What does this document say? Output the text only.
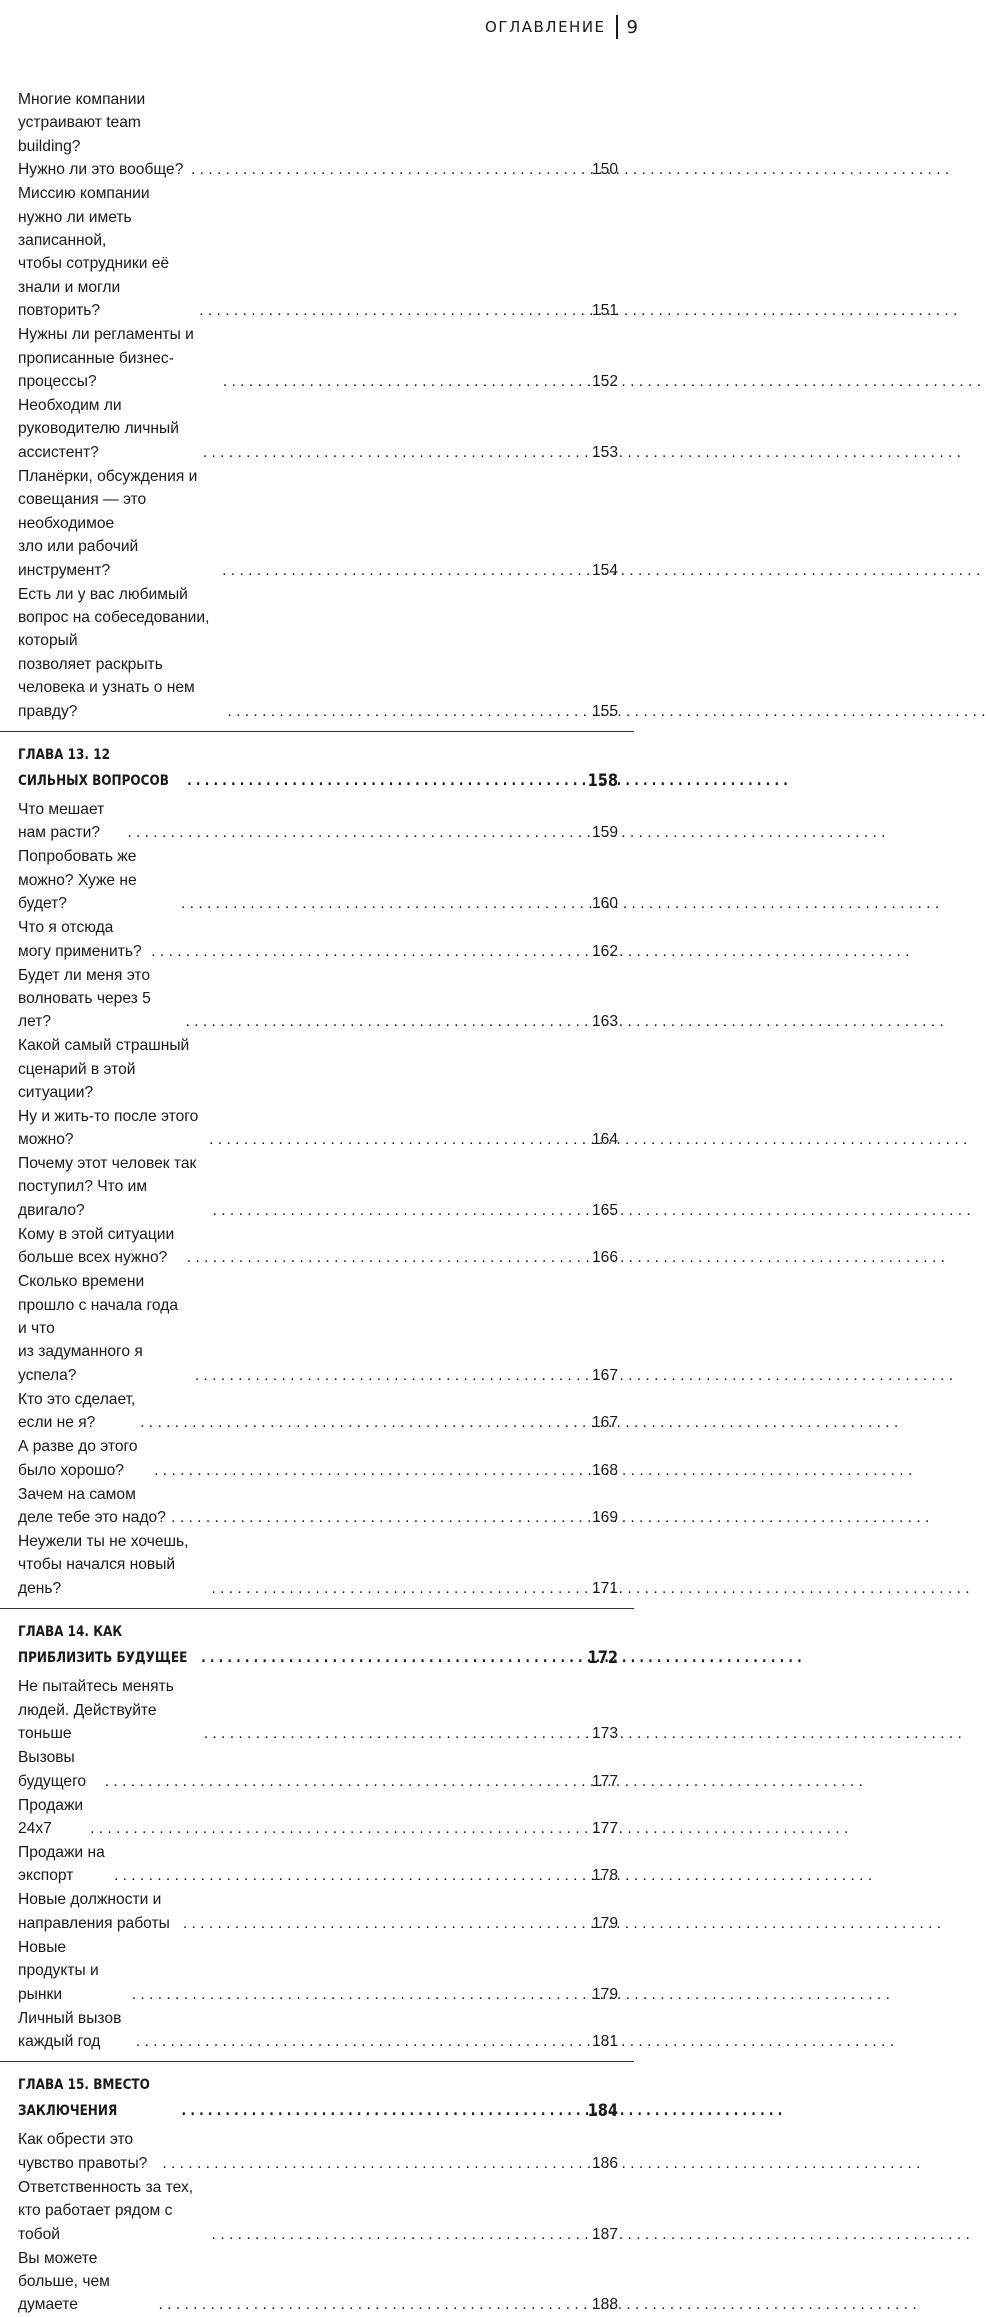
ОГЛАВЛЕНИЕ	9
Многие компании устраивают team building?
Нужно ли это вообще? . . .	150
Миссию компании нужно ли иметь записанной,
чтобы сотрудники её знали и могли повторить? . . .	151
Нужны ли регламенты и прописанные бизнес-процессы? . . .	152
Необходим ли руководителю личный ассистент? . . .	153
Планёрки, обсуждения и совещания — это необходимое
зло или рабочий инструмент? . . .	154
Есть ли у вас любимый вопрос на собеседовании, который
позволяет раскрыть человека и узнать о нем правду? . . .	155
ГЛАВА 13. 12 СИЛЬНЫХ ВОПРОСОВ . . .	158
Что мешает нам расти? . . .	159
Попробовать же можно? Хуже не будет? . . .	160
Что я отсюда могу применить? . . .	162
Будет ли меня это волновать через 5 лет? . . .	163
Какой самый страшный сценарий в этой ситуации?
Ну и жить-то после этого можно? . . .	164
Почему этот человек так поступил? Что им двигало? . . .	165
Кому в этой ситуации больше всех нужно? . . .	166
Сколько времени прошло с начала года и что
из задуманного я успела? . . .	167
Кто это сделает, если не я? . . .	167
А разве до этого было хорошо? . . .	168
Зачем на самом деле тебе это надо? . . .	169
Неужели ты не хочешь, чтобы начался новый день? . . .	171
ГЛАВА 14. КАК ПРИБЛИЗИТЬ БУДУЩЕЕ . . .	172
Не пытайтесь менять людей. Действуйте тоньше . . .	173
Вызовы будущего . . .	177
Продажи 24x7 . . .	177
Продажи на экспорт . . .	178
Новые должности и направления работы . . .	179
Новые продукты и рынки . . .	179
Личный вызов каждый год . . .	181
ГЛАВА 15. ВМЕСТО ЗАКЛЮЧЕНИЯ . . .	184
Как обрести это чувство правоты? . . .	186
Ответственность за тех, кто работает рядом с тобой . . .	187
Вы можете больше, чем думаете . . .	188
